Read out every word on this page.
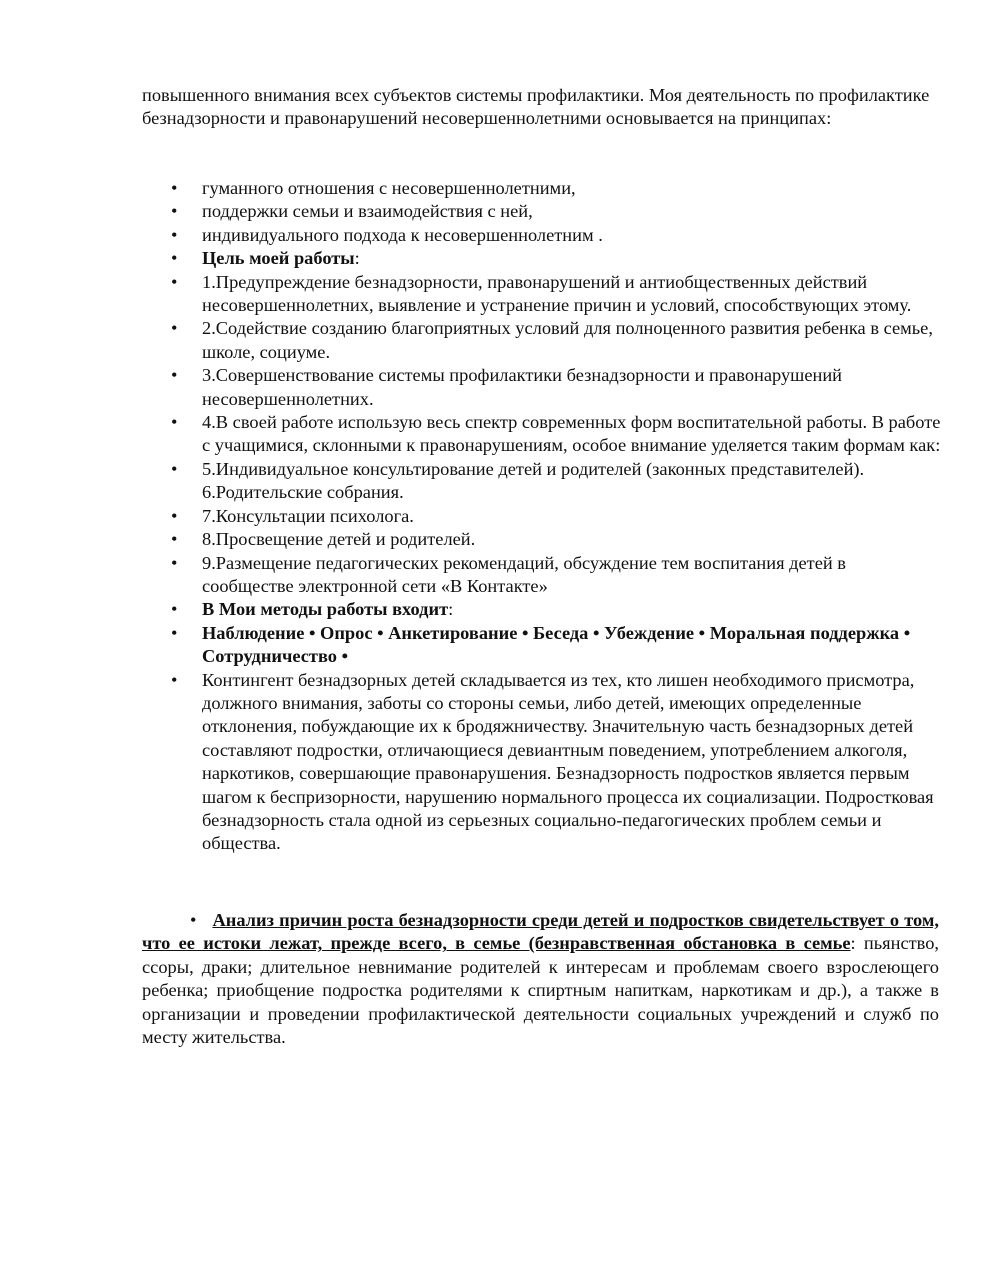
повышенного внимания всех субъектов системы профилактики. Моя деятельность по профилактике безнадзорности и правонарушений несовершеннолетними основывается на принципах:

• гуманного отношения с несовершеннолетними,
• поддержки семьи и взаимодействия с ней,
• индивидуального подхода к несовершеннолетним .
• Цель моей работы:
• 1.Предупреждение безнадзорности, правонарушений и антиобщественных действий несовершеннолетних, выявление и устранение причин и условий, способствующих этому.
• 2.Содействие созданию благоприятных условий для полноценного развития ребенка в семье, школе, социуме.
• 3.Совершенствование системы профилактики безнадзорности и правонарушений несовершеннолетних.
• 4.В своей работе использую весь спектр современных форм воспитательной работы. В работе с учащимися, склонными к правонарушениям, особое внимание уделяется таким формам как:
• 5.Индивидуальное консультирование детей и родителей (законных представителей). 6.Родительские собрания.
• 7.Консультации психолога.
• 8.Просвещение детей и родителей.
• 9.Размещение педагогических рекомендаций, обсуждение тем воспитания детей в сообществе электронной сети «В Контакте»
• В Мои методы работы входит:
• Наблюдение • Опрос • Анкетирование • Беседа • Убеждение • Моральная поддержка • Сотрудничество •
• Контингент безнадзорных детей складывается из тех, кто лишен необходимого присмотра, должного внимания, заботы со стороны семьи, либо детей, имеющих определенные отклонения, побуждающие их к бродяжничеству. Значительную часть безнадзорных детей составляют подростки, отличающиеся девиантным поведением, употреблением алкоголя, наркотиков, совершающие правонарушения. Безнадзорность подростков является первым шагом к беспризорности, нарушению нормального процесса их социализации. Подростковая безнадзорность стала одной из серьезных социально-педагогических проблем семьи и общества.

• Анализ причин роста безнадзорности среди детей и подростков свидетельствует о том, что ее истоки лежат, прежде всего, в семье (безнравственная обстановка в семье: пьянство, ссоры, драки; длительное невнимание родителей к интересам и проблемам своего взрослеющего ребенка; приобщение подростка родителями к спиртным напиткам, наркотикам и др.), а также в организации и проведении профилактической деятельности социальных учреждений и служб по месту жительства.
